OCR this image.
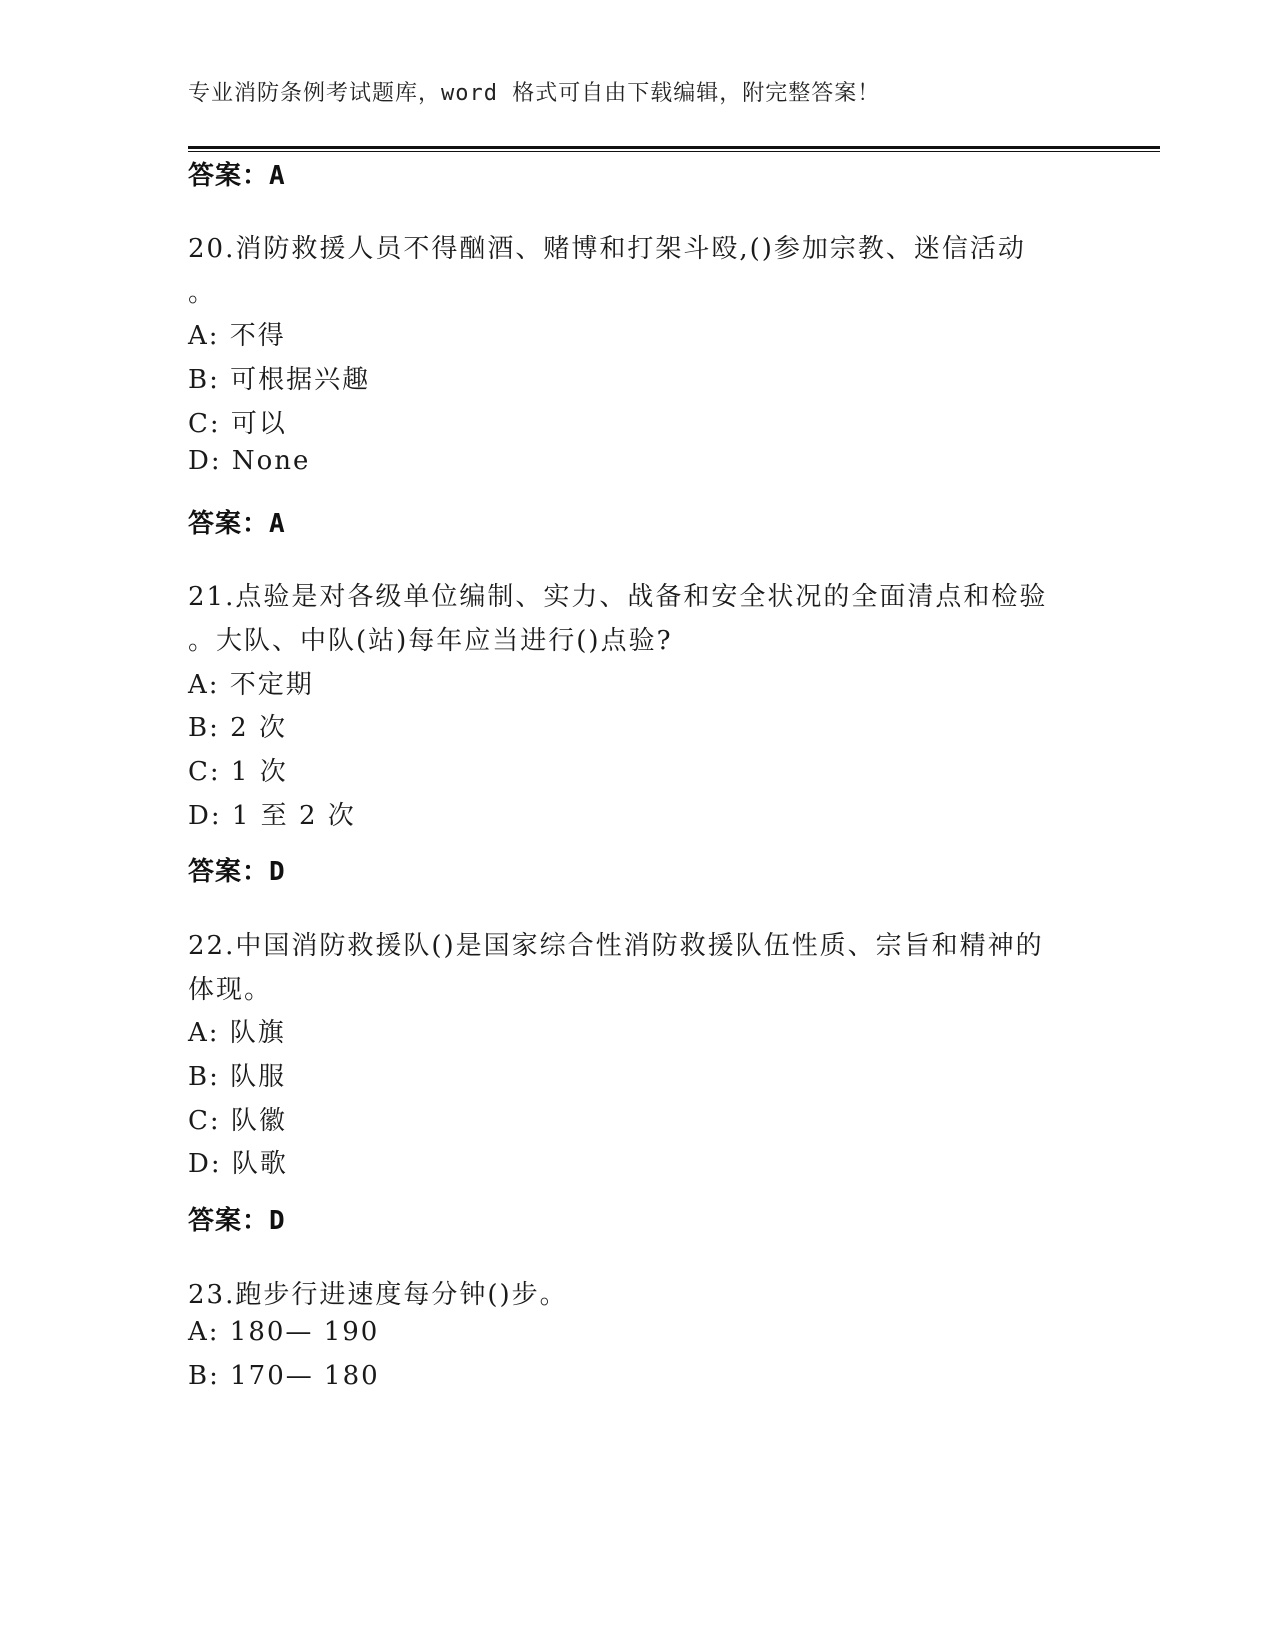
专业消防条例考试题库，word 格式可自由下载编辑，附完整答案！
答案：A
20.消防救援人员不得酗酒、赌博和打架斗殴,()参加宗教、迷信活动
。
A: 不得
B: 可根据兴趣
C: 可以
D: None
答案：A
21.点验是对各级单位编制、实力、战备和安全状况的全面清点和检验
。大队、中队(站)每年应当进行()点验?
A: 不定期
B: 2 次
C: 1 次
D: 1 至 2 次
答案：D
22.中国消防救援队()是国家综合性消防救援队伍性质、宗旨和精神的
体现。
A: 队旗
B: 队服
C: 队徽
D: 队歌
答案：D
23.跑步行进速度每分钟()步。
A: 180— 190
B: 170— 180
